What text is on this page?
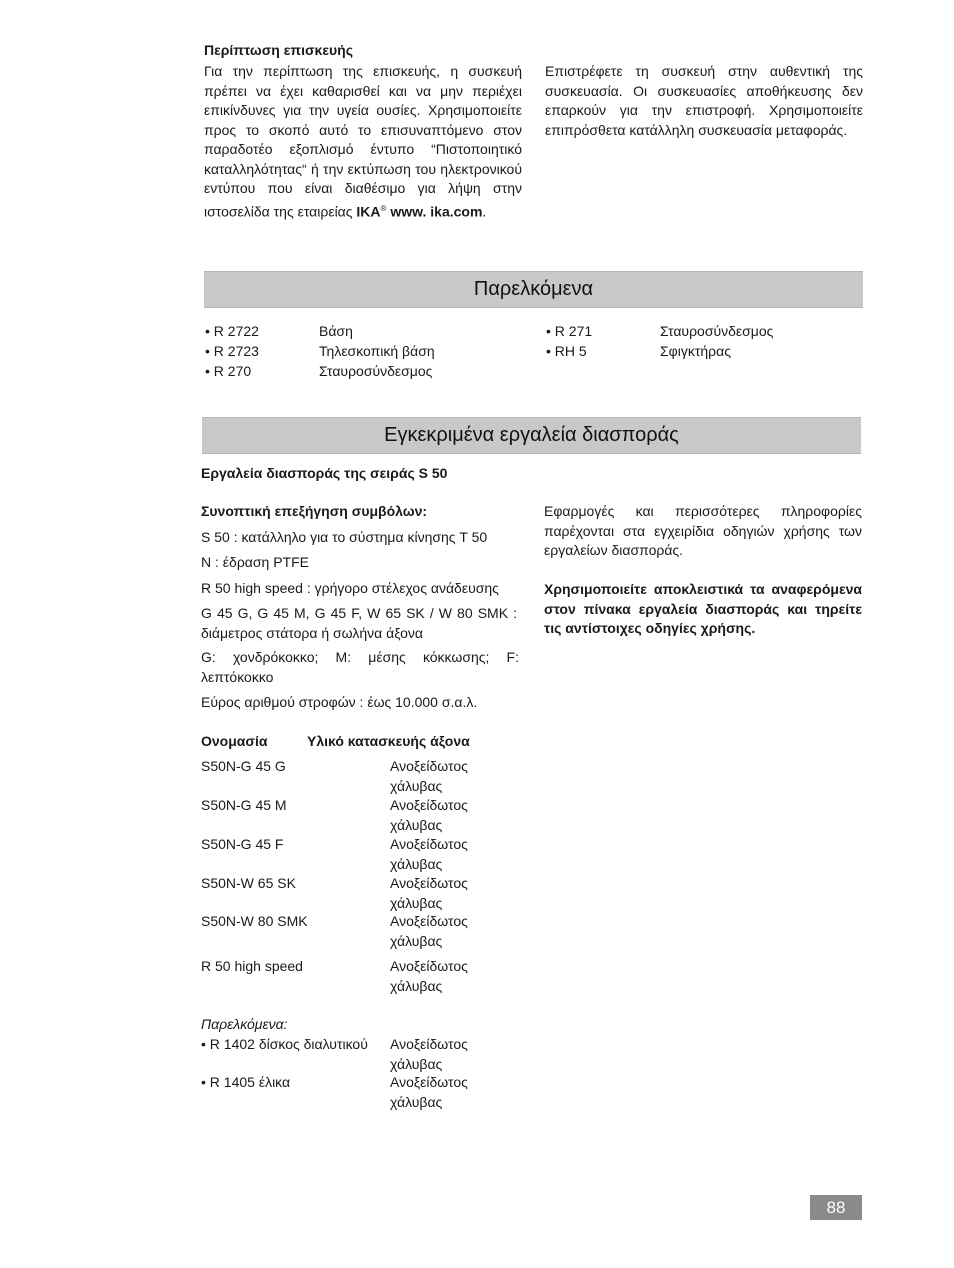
Περίπτωση επισκευής
Για την περίπτωση της επισκευής, η συσκευή πρέπει να έχει καθαρισθεί και να μην περιέχει επικίνδυνες για την υγεία ουσίες. Χρησιμοποιείτε προς το σκοπό αυτό το επισυναπτόμενο στον παραδοτέο εξοπλισμό έντυπο “Πιστοποιητικό καταλληλότητας“ ή την εκτύπωση του ηλεκτρονικού εντύπου που είναι διαθέσιμο για λήψη στην ιστοσελίδα της εταιρείας IKA® www. ika.com.
Επιστρέφετε τη συσκευή στην αυθεντική της συσκευασία. Οι συσκευασίες αποθήκευσης δεν επαρκούν για την επιστροφή. Χρησιμοποιείτε επιπρόσθετα κατάλληλη συσκευασία μεταφοράς.
Παρελκόμενα
• R 2722	Βάση
• R 2723	Τηλεσκοπική βάση
• R 270	Σταυροσύνδεσμος
• R 271	Σταυροσύνδεσμος
• RH 5	Σφιγκτήρας
Εγκεκριμένα εργαλεία διασποράς
Εργαλεία διασποράς της σειράς S 50
Συνοπτική επεξήγηση συμβόλων:
S 50 : κατάλληλο για το σύστημα κίνησης T 50
N : έδραση PTFE
R 50 high speed : γρήγορο στέλεχος ανάδευσης
G 45 G, G 45 M, G 45 F, W 65 SK / W 80 SMK : διάμετρος στάτορα ή σωλήνα άξονα
G: χονδρόκοκκο; M: μέσης κόκκωσης; F: λεπτόκοκκο
Εύρος αριθμού στροφών : έως 10.000 σ.α.λ.
Εφαρμογές και περισσότερες πληροφορίες παρέχονται στα εγχειρίδια οδηγιών χρήσης των εργαλείων διασποράς.
Χρησιμοποιείτε αποκλειστικά τα αναφερόμενα στον πίνακα εργαλεία διασποράς και τηρείτε τις αντίστοιχες οδηγίες χρήσης.
Ονομασία	Υλικό κατασκευής άξονα
S50N-G 45 G	Ανοξείδωτος χάλυβας
S50N-G 45 M	Ανοξείδωτος χάλυβας
S50N-G 45 F	Ανοξείδωτος χάλυβας
S50N-W 65 SK	Ανοξείδωτος χάλυβας
S50N-W 80 SMK	Ανοξείδωτος χάλυβας
R 50 high speed	Ανοξείδωτος χάλυβας
Παρελκόμενα:
• R 1402 δίσκος διαλυτικού Ανοξείδωτος χάλυβας
• R 1405 έλικα	Ανοξείδωτος χάλυβας
88
